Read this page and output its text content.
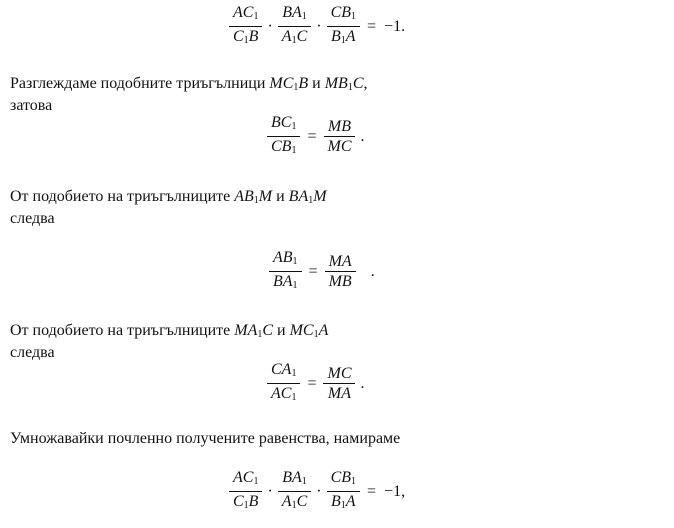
$\frac{AC_1}{C_1B} \cdot \frac{BA_1}{A_1C} \cdot \frac{CB_1}{B_1A} = -1$.
Разглеждаме подобните триъгълници $MC_1B$ и $MB_1C$,
затова
$\frac{BC_1}{CB_1} = \frac{MB}{MC}$ .
От подобието на триъгълниците $AB_1M$ и $BA_1M$
следва
$\frac{AB_1}{BA_1} = \frac{MA}{MB}$ .
От подобието на триъгълниците $MA_1C$ и $MC_1A$
следва
$\frac{CA_1}{AC_1} = \frac{MC}{MA}$ .
Умножавайки почленно получените равенства, намираме
$\frac{AC_1}{C_1B} \cdot \frac{BA_1}{A_1C} \cdot \frac{CB_1}{B_1A} = -1$,
